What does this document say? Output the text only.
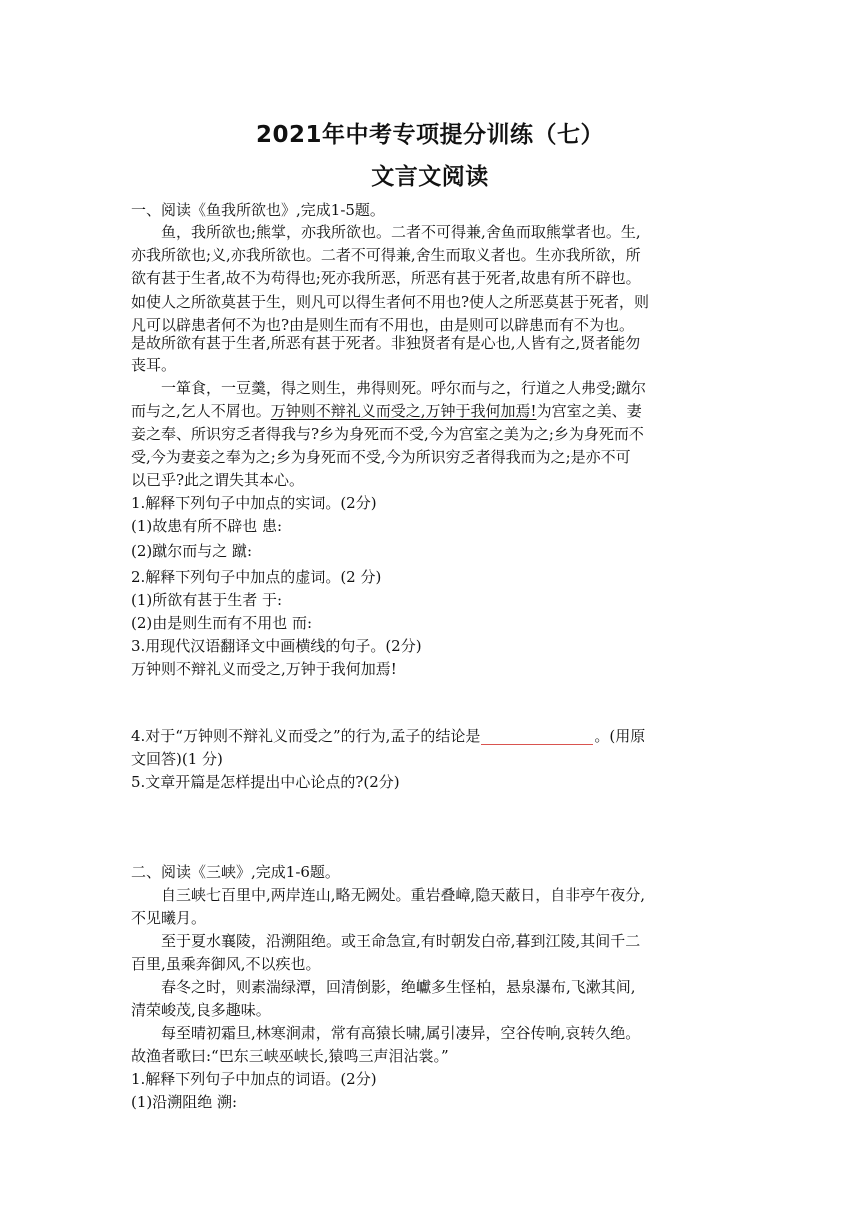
2021年中考专项提分训练（七）
文言文阅读
一、阅读《鱼我所欲也》,完成1-5题。
鱼，我所欲也;熊掌，亦我所欲也。二者不可得兼,舍鱼而取熊掌者也。生,
亦我所欲也;义,亦我所欲也。二者不可得兼,舍生而取义者也。生亦我所欲，所
欲有甚于生者,故不为苟得也;死亦我所恶，所恶有甚于死者,故患有所不辟也。
如使人之所欲莫甚于生，则凡可以得生者何不用也?使人之所恶莫甚于死者，则
凡可以辟患者何不为也?由是则生而有不用也，由是则可以辟患而有不为也。
是故所欲有甚于生者,所恶有甚于死者。非独贤者有是心也,人皆有之,贤者能勿
丧耳。
一箪食，一豆羹，得之则生，弗得则死。呼尔而与之，行道之人弗受;蹴尔
而与之,乞人不屑也。万钟则不辩礼义而受之,万钟于我何加焉!为宫室之美、妻
妾之奉、所识穷乏者得我与?乡为身死而不受,今为宫室之美为之;乡为身死而不
受,今为妻妾之奉为之;乡为身死而不受,今为所识穷乏者得我而为之;是亦不可
以已乎?此之谓失其本心。
1.解释下列句子中加点的实词。(2分)
(1)故患有所不辟也 患:
(2)蹴尔而与之 蹴:
2.解释下列句子中加点的虚词。(2 分)
(1)所欲有甚于生者 于:
(2)由是则生而有不用也 而:
3.用现代汉语翻译文中画横线的句子。(2分)
万钟则不辩礼义而受之,万钟于我何加焉!
4.对于“万钟则不辩礼义而受之”的行为,孟子的结论是	。(用原
文回答)(1 分)
5.文章开篇是怎样提出中心论点的?(2分)
二、阅读《三峡》,完成1-6题。
自三峡七百里中,两岸连山,略无阙处。重岩叠嶂,隐天蔽日，自非亭午夜分,
不见曦月。
至于夏水襄陵，沿溯阻绝。或王命急宣,有时朝发白帝,暮到江陵,其间千二
百里,虽乘奔御风,不以疾也。
春冬之时，则素湍绿潭，回清倒影，绝巘多生怪柏，悬泉瀑布,飞漱其间,
清荣峻茂,良多趣味。
每至晴初霜旦,林寒涧肃，常有高猿长啸,属引凄异，空谷传响,哀转久绝。
故渔者歌曰:“巴东三峡巫峡长,猿鸣三声泪沾裳。”
1.解释下列句子中加点的词语。(2分)
(1)沿溯阻绝 溯:
